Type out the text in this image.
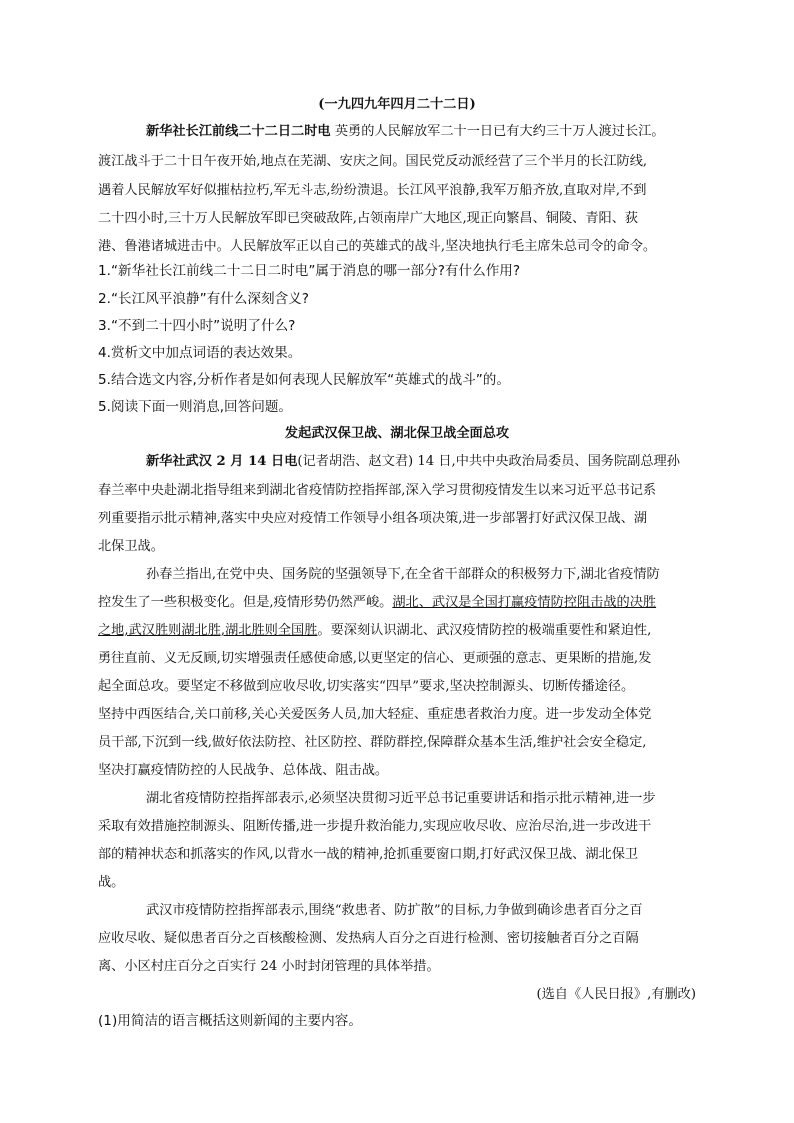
(一九四九年四月二十二日)
新华社长江前线二十二日二时电 英勇的人民解放军二十一日已有大约三十万人渡过长江。
渡江战斗于二十日午夜开始,地点在芜湖、安庆之间。国民党反动派经营了三个半月的长江防线,
遇着人民解放军好似摧枯拉朽,军无斗志,纷纷溃退。长江风平浪静,我军万船齐放,直取对岸,不到
二十四小时,三十万人民解放军即已突破敌阵,占领南岸广大地区,现正向繁昌、铜陵、青阳、荻
港、鲁港诸城进击中。人民解放军正以自己的英雄式的战斗,坚决地执行毛主席朱总司令的命令。
1.“新华社长江前线二十二日二时电”属于消息的哪一部分?有什么作用?
2.“长江风平浪静”有什么深刻含义?
3.“不到二十四小时”说明了什么?
4.赏析文中加点词语的表达效果。
5.结合选文内容,分析作者是如何表现人民解放军“英雄式的战斗”的。
5.阅读下面一则消息,回答问题。
发起武汉保卫战、湖北保卫战全面总攻
新华社武汉 2 月 14 日电(记者胡浩、赵文君) 14 日,中共中央政治局委员、国务院副总理孙
春兰率中央赴湖北指导组来到湖北省疫情防控指挥部,深入学习贯彻疫情发生以来习近平总书记系
列重要指示批示精神,落实中央应对疫情工作领导小组各项决策,进一步部署打好武汉保卫战、湖
北保卫战。
孙春兰指出,在党中央、国务院的坚强领导下,在全省干部群众的积极努力下,湖北省疫情防
控发生了一些积极变化。但是,疫情形势仍然严峻。湖北、武汉是全国打赢疫情防控阻击战的决胜
之地,武汉胜则湖北胜,湖北胜则全国胜。要深刻认识湖北、武汉疫情防控的极端重要性和紧迫性,
勇往直前、义无反顾,切实增强责任感使命感,以更坚定的信心、更顽强的意志、更果断的措施,发
起全面总攻。要坚定不移做到应收尽收,切实落实“四早”要求,坚决控制源头、切断传播途径。
坚持中西医结合,关口前移,关心关爱医务人员,加大轻症、重症患者救治力度。进一步发动全体党
员干部,下沉到一线,做好依法防控、社区防控、群防群控,保障群众基本生活,维护社会安全稳定,
坚决打赢疫情防控的人民战争、总体战、阻击战。
湖北省疫情防控指挥部表示,必须坚决贯彻习近平总书记重要讲话和指示批示精神,进一步
采取有效措施控制源头、阻断传播,进一步提升救治能力,实现应收尽收、应治尽治,进一步改进干
部的精神状态和抓落实的作风,以背水一战的精神,抢抓重要窗口期,打好武汉保卫战、湖北保卫
战。
武汉市疫情防控指挥部表示,围绕“救患者、防扩散”的目标,力争做到确诊患者百分之百
应收尽收、疑似患者百分之百核酸检测、发热病人百分之百进行检测、密切接触者百分之百隔
离、小区村庄百分之百实行 24 小时封闭管理的具体举措。
(选自《人民日报》,有删改)
(1)用简洁的语言概括这则新闻的主要内容。
